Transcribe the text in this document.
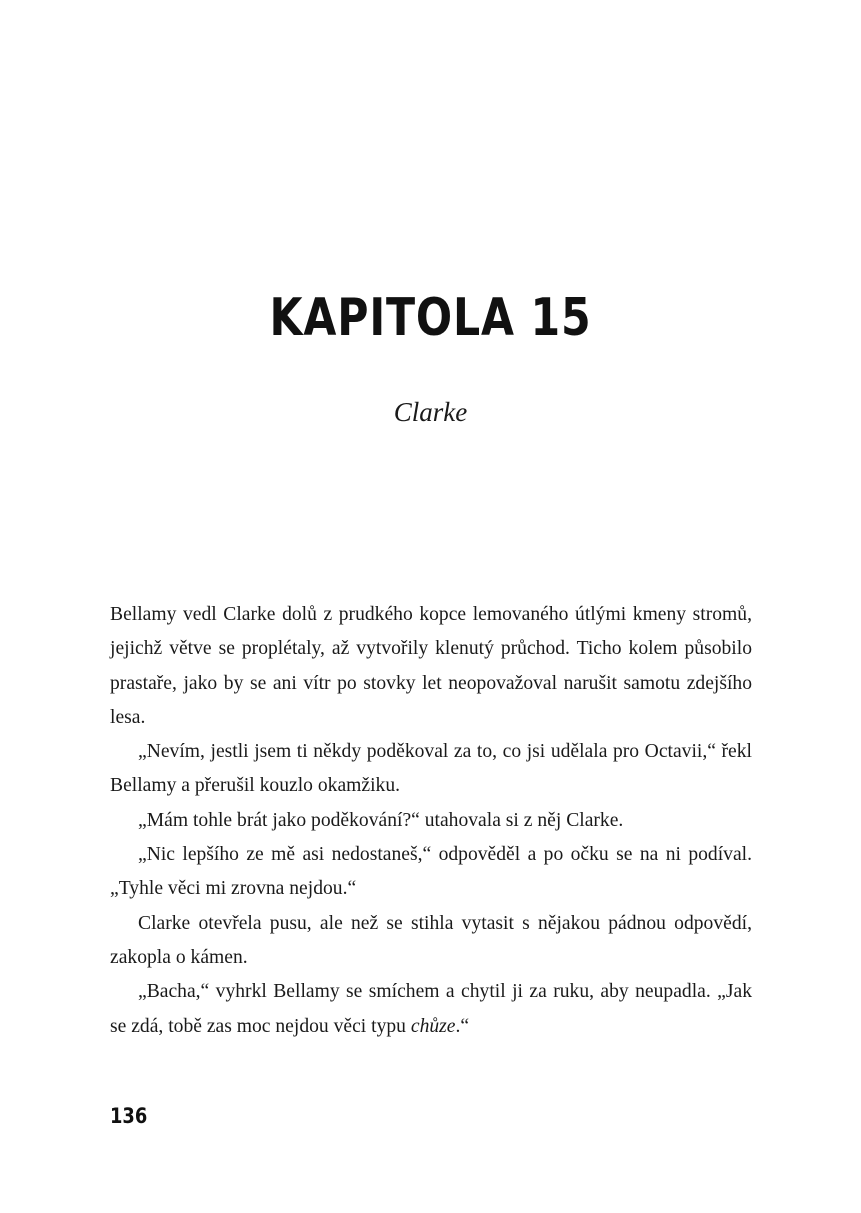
KAPITOLA 15
Clarke

Bellamy vedl Clarke dolů z prudkého kopce lemovaného útlými kmeny stromů, jejichž větve se proplétaly, až vytvořily klenutý průchod. Ticho kolem působilo prastaře, jako by se ani vítr po stovky let neopovažoval narušit samotu zdejšího lesa.

„Nevím, jestli jsem ti někdy poděkoval za to, co jsi udělala pro Octavii,“ řekl Bellamy a přerušil kouzlo okamžiku.

„Mám tohle brát jako poděkování?“ utahovala si z něj Clarke.

„Nic lepšího ze mě asi nedostaneš,“ odpověděl a po očku se na ni podíval. „Tyhle věci mi zrovna nejdou.“

Clarke otevřela pusu, ale než se stihla vytasit s nějakou pádnou odpovědí, zakopla o kámen.

„Bacha,“ vyhrkl Bellamy se smíchem a chytil ji za ruku, aby neupadla. „Jak se zdá, tobě zas moc nejdou věci typu chůze.“

136
